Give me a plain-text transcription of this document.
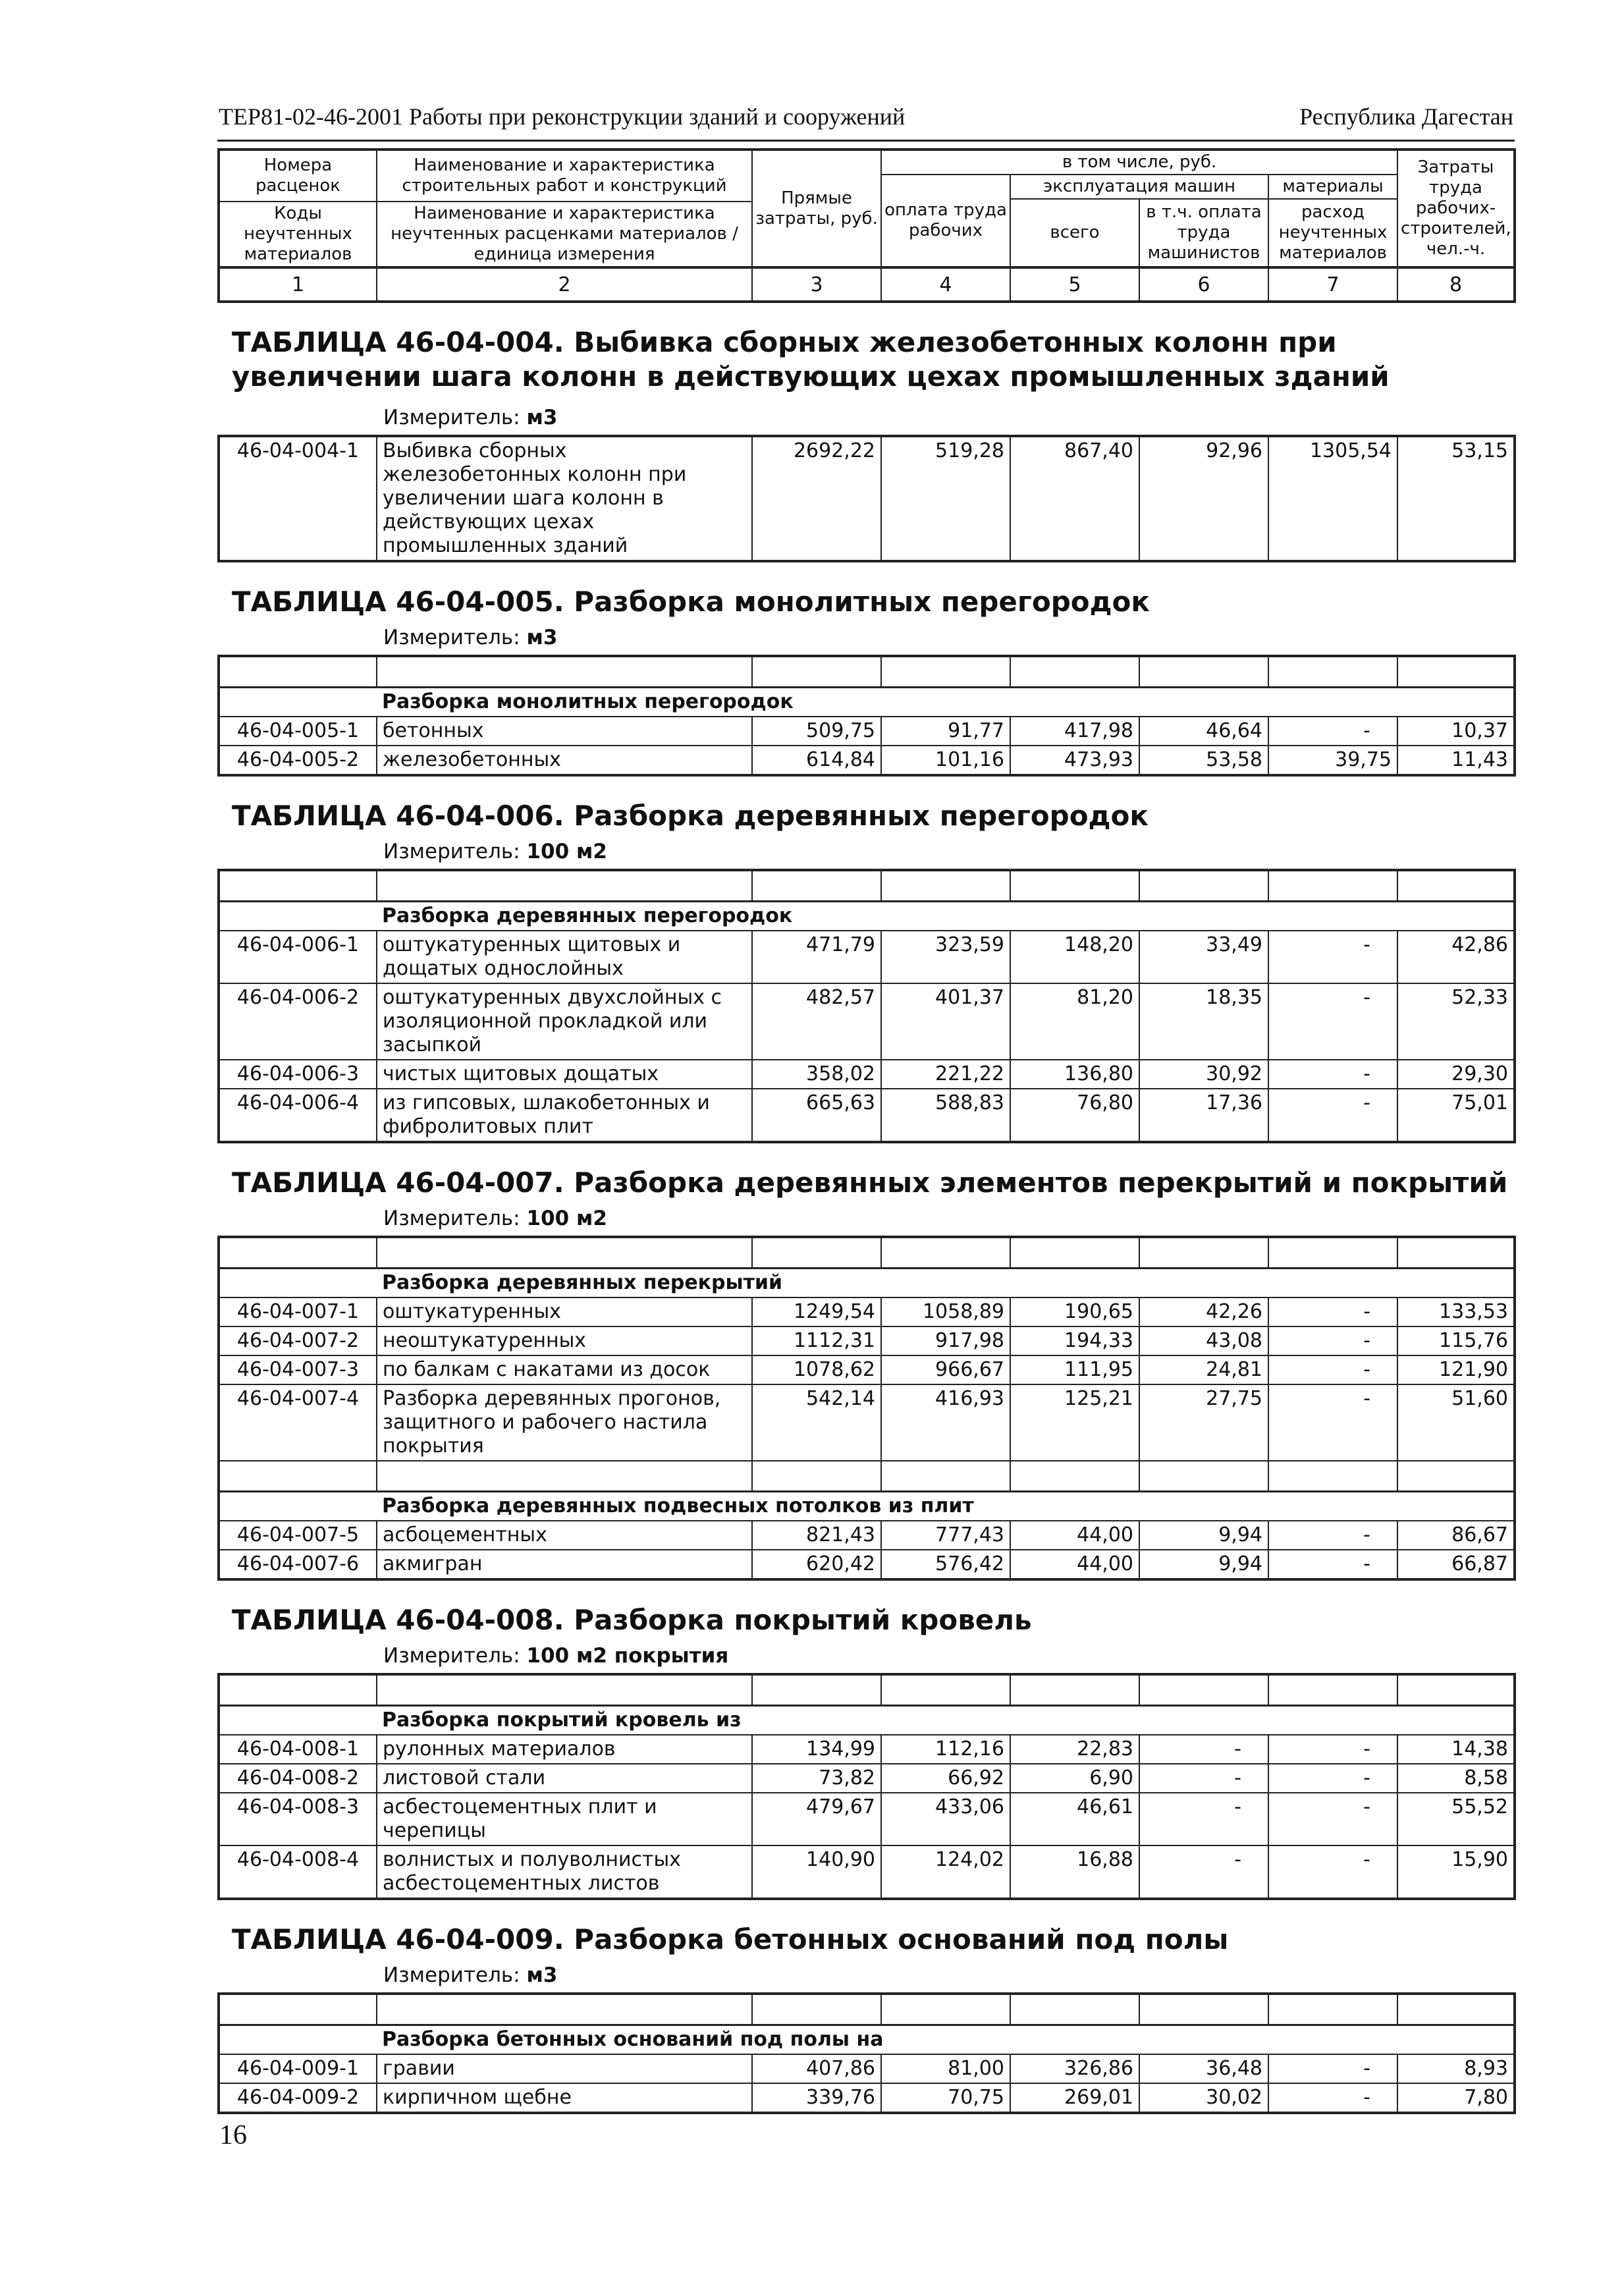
ТЕР81-02-46-2001 Работы при реконструкции зданий и сооружений	Республика Дагестан
Номера расценок	Наименование и характеристика строительных работ и конструкций	Прямые затраты, руб.	в том числе, руб.				Затраты труда рабочих-строителей, чел.-ч.
			оплата труда рабочих	эксплуатация машин		материалы	
				всего	в т.ч. оплата труда машинистов	расход неучтенных материалов	
Коды неучтенных материалов	Наименование и характеристика неучтенных расценками материалов / единица измерения						

1	2	3	4	5	6	7	8
ТАБЛИЦА 46-04-004. Выбивка сборных железобетонных колонн при увеличении шага колонн в действующих цехах промышленных зданий
Измеритель: м3
46-04-004-1	Выбивка сборных железобетонных колонн при увеличении шага колонн в действующих цехах промышленных зданий	2692,22	519,28	867,40	92,96	1305,54	53,15
ТАБЛИЦА 46-04-005. Разборка монолитных перегородок
Измеритель: м3

	Разборка монолитных перегородок						
46-04-005-1	бетонных	509,75	91,77	417,98	46,64	-	10,37
46-04-005-2	железобетонных	614,84	101,16	473,93	53,58	39,75	11,43
ТАБЛИЦА 46-04-006. Разборка деревянных перегородок
Измеритель: 100 м2

	Разборка деревянных перегородок						
46-04-006-1	оштукатуренных щитовых и дощатых однослойных	471,79	323,59	148,20	33,49	-	42,86
46-04-006-2	оштукатуренных двухслойных с изоляционной прокладкой или засыпкой	482,57	401,37	81,20	18,35	-	52,33
46-04-006-3	чистых щитовых дощатых	358,02	221,22	136,80	30,92	-	29,30
46-04-006-4	из гипсовых, шлакобетонных и фибролитовых плит	665,63	588,83	76,80	17,36	-	75,01
ТАБЛИЦА 46-04-007. Разборка деревянных элементов перекрытий и покрытий
Измеритель: 100 м2

	Разборка деревянных перекрытий						
46-04-007-1	оштукатуренных	1249,54	1058,89	190,65	42,26	-	133,53
46-04-007-2	неоштукатуренных	1112,31	917,98	194,33	43,08	-	115,76
46-04-007-3	по балкам с накатами из досок	1078,62	966,67	111,95	24,81	-	121,90
46-04-007-4	Разборка деревянных прогонов, защитного и рабочего настила покрытия	542,14	416,93	125,21	27,75	-	51,60

	Разборка деревянных подвесных потолков из плит						
46-04-007-5	асбоцементных	821,43	777,43	44,00	9,94	-	86,67
46-04-007-6	акмигран	620,42	576,42	44,00	9,94	-	66,87
ТАБЛИЦА 46-04-008. Разборка покрытий кровель
Измеритель: 100 м2 покрытия

	Разборка покрытий кровель из						
46-04-008-1	рулонных материалов	134,99	112,16	22,83	-	-	14,38
46-04-008-2	листовой стали	73,82	66,92	6,90	-	-	8,58
46-04-008-3	асбестоцементных плит и черепицы	479,67	433,06	46,61	-	-	55,52
46-04-008-4	волнистых и полуволнистых асбестоцементных листов	140,90	124,02	16,88	-	-	15,90
ТАБЛИЦА 46-04-009. Разборка бетонных оснований под полы
Измеритель: м3

	Разборка бетонных оснований под полы на						
46-04-009-1	гравии	407,86	81,00	326,86	36,48	-	8,93
46-04-009-2	кирпичном щебне	339,76	70,75	269,01	30,02	-	7,80
16
